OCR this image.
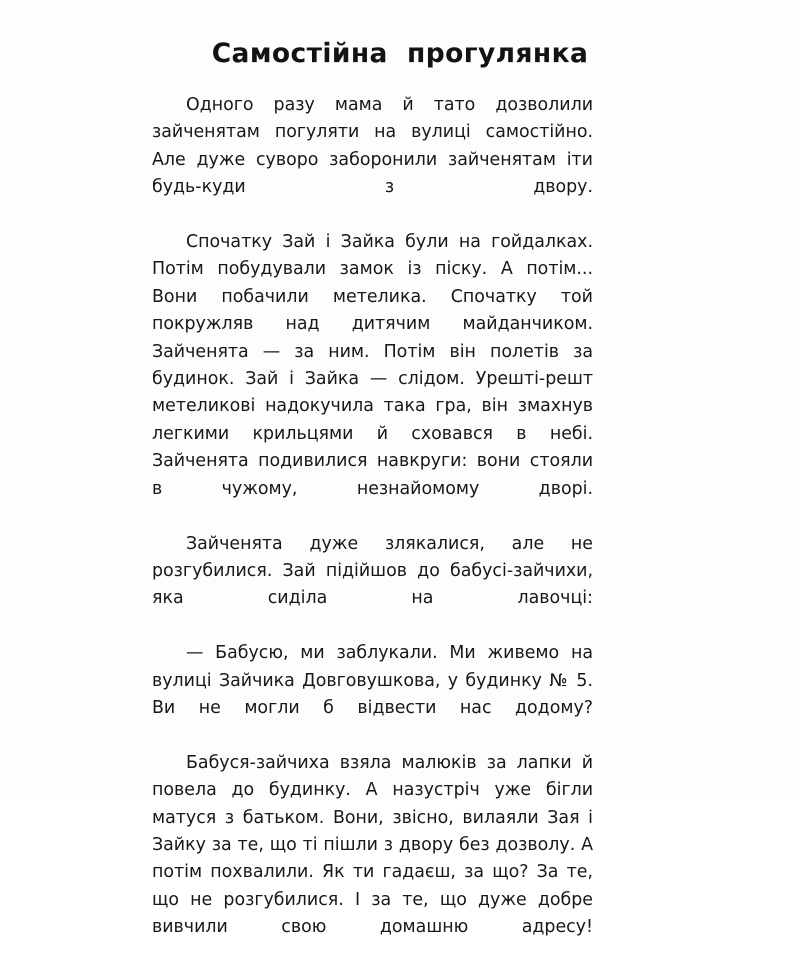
Самостійна  прогулянка

Одного разу мама й тато дозволили зайченятам погуляти на вулиці самостійно. Але дуже суворо заборонили зайченятам іти будь-куди з двору.

Спочатку Зай і Зайка були на гойдалках. Потім побудували замок із піску. А потім... Вони побачили метелика. Спочатку той покружляв над дитячим майданчиком. Зайченята — за ним. Потім він полетів за будинок. Зай і Зайка — слідом. Урешті-решт метеликові надокучила така гра, він змахнув легкими крильцями й сховався в небі. Зайченята подивилися навкруги: вони стояли в чужому, незнайомому дворі.

Зайченята дуже злякалися, але не розгубилися. Зай підійшов до бабусі-зайчихи, яка сиділа на лавочці:

— Бабусю, ми заблукали. Ми живемо на вулиці Зайчика Довговушкова, у будинку № 5. Ви не могли б відвести нас додому?

Бабуся-зайчиха взяла малюків за лапки й повела до будинку. А назустріч уже бігли матуся з батьком. Вони, звісно, вилаяли Зая і Зайку за те, що ті пішли з двору без дозволу. А потім похвалили. Як ти гадаєш, за що? За те, що не розгубилися. І за те, що дуже добре вивчили свою домашню адресу!
